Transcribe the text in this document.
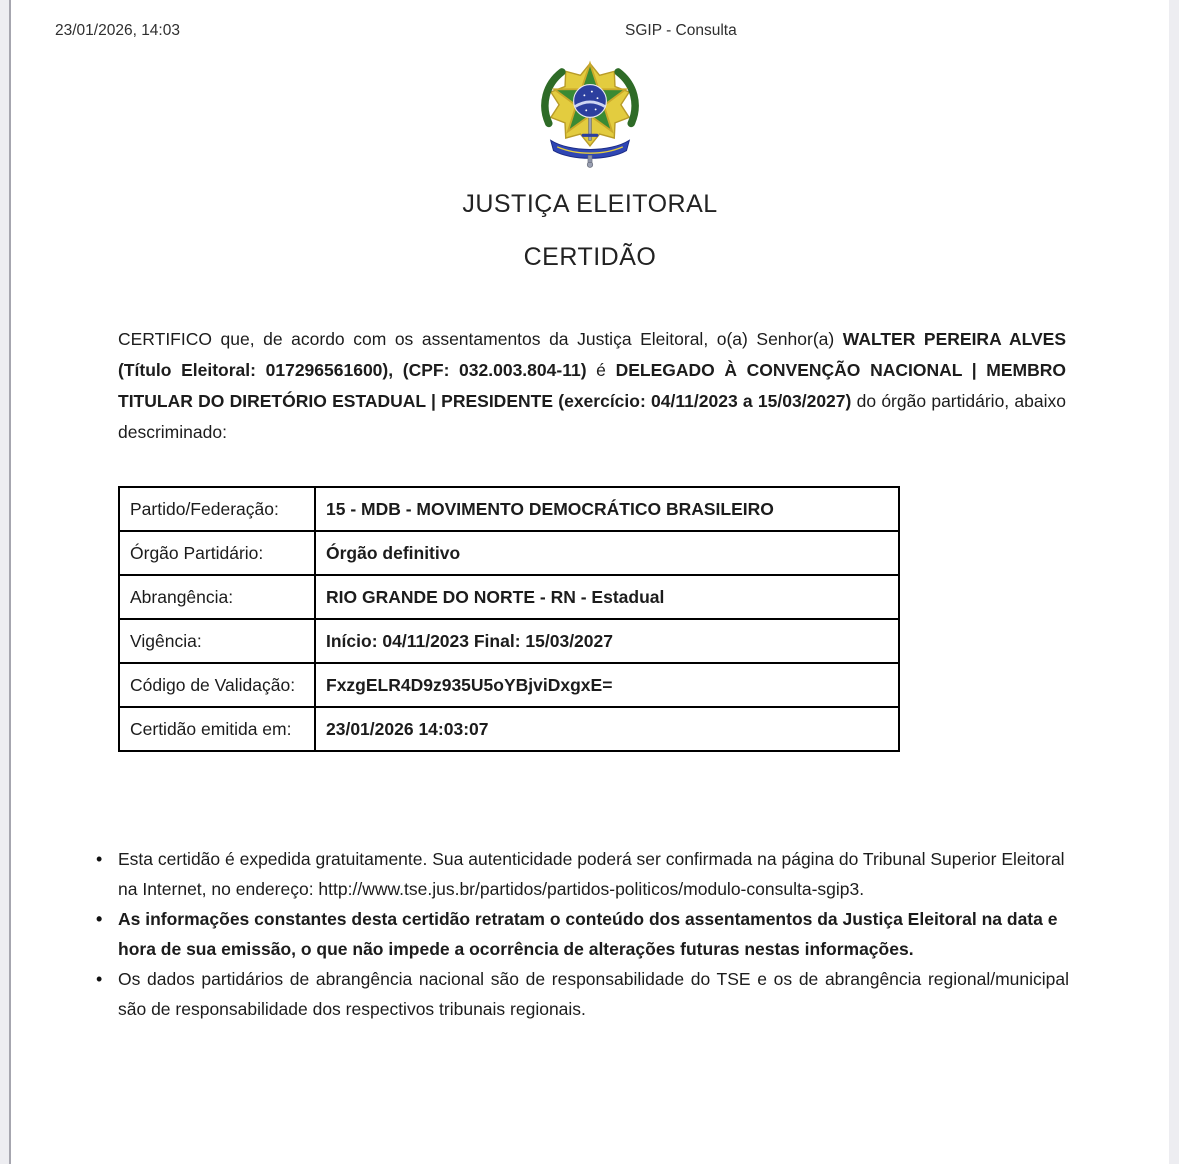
23/01/2026, 14:03	SGIP - Consulta
JUSTIÇA ELEITORAL
CERTIDÃO

CERTIFICO que, de acordo com os assentamentos da Justiça Eleitoral, o(a) Senhor(a) WALTER PEREIRA ALVES (Título Eleitoral: 017296561600), (CPF: 032.003.804-11) é DELEGADO À CONVENÇÃO NACIONAL | MEMBRO TITULAR DO DIRETÓRIO ESTADUAL | PRESIDENTE (exercício: 04/11/2023 a 15/03/2027) do órgão partidário, abaixo descriminado:

Partido/Federação:	15 - MDB - MOVIMENTO DEMOCRÁTICO BRASILEIRO
Órgão Partidário:	Órgão definitivo
Abrangência:	RIO GRANDE DO NORTE - RN - Estadual
Vigência:	Início: 04/11/2023 Final: 15/03/2027
Código de Validação:	FxzgELR4D9z935U5oYBjviDxgxE=
Certidão emitida em:	23/01/2026 14:03:07
• Esta certidão é expedida gratuitamente. Sua autenticidade poderá ser confirmada na página do Tribunal Superior Eleitoral na Internet, no endereço: http://www.tse.jus.br/partidos/partidos-politicos/modulo-consulta-sgip3.
• As informações constantes desta certidão retratam o conteúdo dos assentamentos da Justiça Eleitoral na data e hora de sua emissão, o que não impede a ocorrência de alterações futuras nestas informações.
• Os dados partidários de abrangência nacional são de responsabilidade do TSE e os de abrangência regional/municipal são de responsabilidade dos respectivos tribunais regionais.
